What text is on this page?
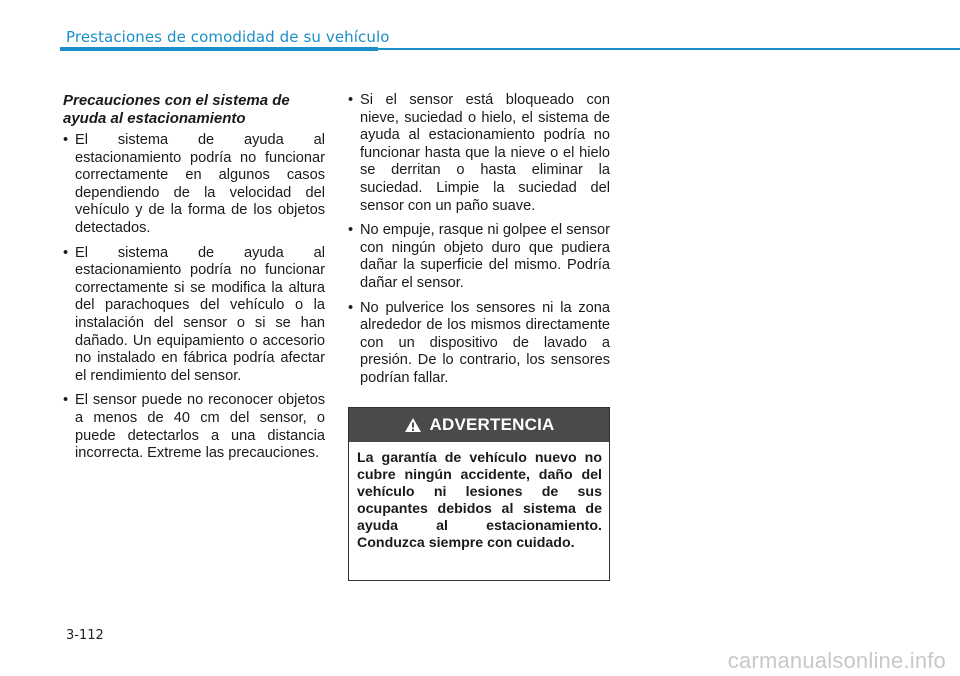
Prestaciones de comodidad de su vehículo
Precauciones con el sistema de
ayuda al estacionamiento
• El sistema de ayuda al estacionamiento podría no funcionar correctamente en algunos casos dependiendo de la velocidad del vehículo y de la forma de los objetos detectados.
• El sistema de ayuda al estacionamiento podría no funcionar correctamente si se modifica la altura del parachoques del vehículo o la instalación del sensor o si se han dañado. Un equipamiento o accesorio no instalado en fábrica podría afectar el rendimiento del sensor.
• El sensor puede no reconocer objetos a menos de 40 cm del sensor, o puede detectarlos a una distancia incorrecta. Extreme las precauciones.
• Si el sensor está bloqueado con nieve, suciedad o hielo, el sistema de ayuda al estacionamiento podría no funcionar hasta que la nieve o el hielo se derritan o hasta eliminar la suciedad. Limpie la suciedad del sensor con un paño suave.
• No empuje, rasque ni golpee el sensor con ningún objeto duro que pudiera dañar la superficie del mismo. Podría dañar el sensor.
• No pulverice los sensores ni la zona alrededor de los mismos directamente con un dispositivo de lavado a presión. De lo contrario, los sensores podrían fallar.
ADVERTENCIA
La garantía de vehículo nuevo no cubre ningún accidente, daño del vehículo ni lesiones de sus ocupantes debidos al sistema de ayuda al estacionamiento. Conduzca siempre con cuidado.
3-112
carmanualsonline.info
